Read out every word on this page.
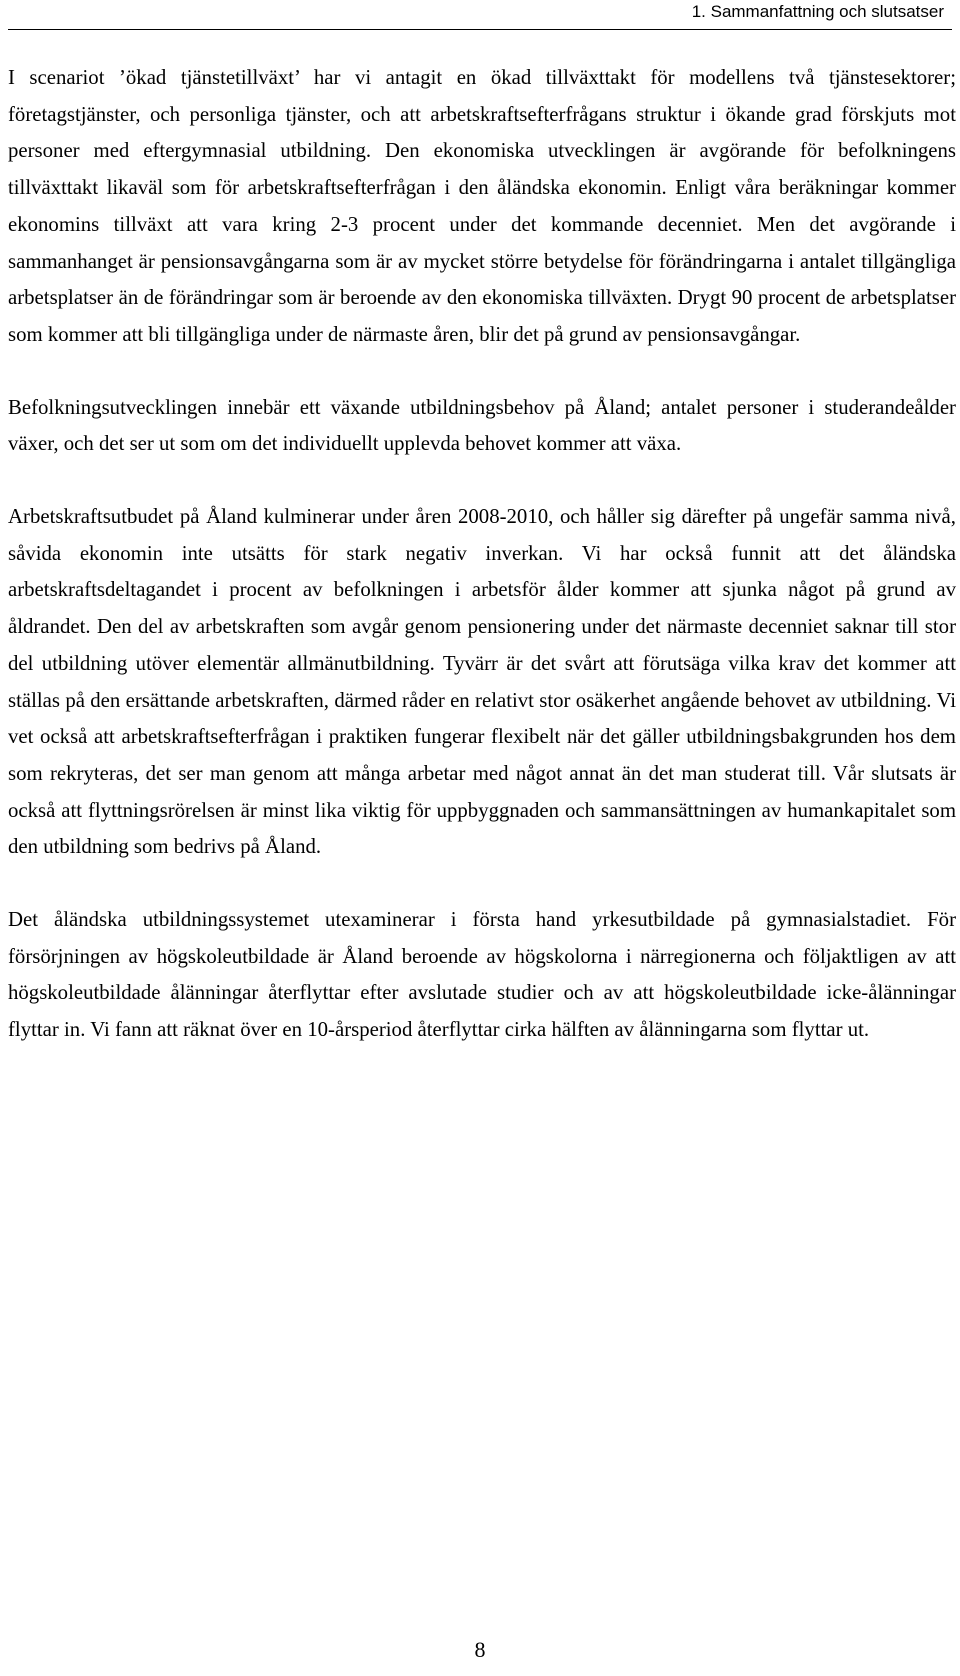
1. Sammanfattning och slutsatser

I scenariot ’ökad tjänstetillväxt’ har vi antagit en ökad tillväxttakt för modellens två tjänstesektorer; företagstjänster, och personliga tjänster, och att arbetskraftsefterfrågans struktur i ökande grad förskjuts mot personer med eftergymnasial utbildning. Den ekonomiska utvecklingen är avgörande för befolkningens tillväxttakt likaväl som för arbetskraftsefterfrågan i den åländska ekonomin. Enligt våra beräkningar kommer ekonomins tillväxt att vara kring 2-3 procent under det kommande decenniet. Men det avgörande i sammanhanget är pensionsavgångarna som är av mycket större betydelse för förändringarna i antalet tillgängliga arbetsplatser än de förändringar som är beroende av den ekonomiska tillväxten. Drygt 90 procent de arbetsplatser som kommer att bli tillgängliga under de närmaste åren, blir det på grund av pensionsavgångar.

Befolkningsutvecklingen innebär ett växande utbildningsbehov på Åland; antalet personer i studerandeålder växer, och det ser ut som om det individuellt upplevda behovet kommer att växa.

Arbetskraftsutbudet på Åland kulminerar under åren 2008-2010, och håller sig därefter på ungefär samma nivå, såvida ekonomin inte utsätts för stark negativ inverkan. Vi har också funnit att det åländska arbetskraftsdeltagandet i procent av befolkningen i arbetsför ålder kommer att sjunka något på grund av åldrandet. Den del av arbetskraften som avgår genom pensionering under det närmaste decenniet saknar till stor del utbildning utöver elementär allmänutbildning. Tyvärr är det svårt att förutsäga vilka krav det kommer att ställas på den ersättande arbetskraften, därmed råder en relativt stor osäkerhet angående behovet av utbildning. Vi vet också att arbetskraftsefterfrågan i praktiken fungerar flexibelt när det gäller utbildningsbakgrunden hos dem som rekryteras, det ser man genom att många arbetar med något annat än det man studerat till. Vår slutsats är också att flyttningsrörelsen är minst lika viktig för uppbyggnaden och sammansättningen av humankapitalet som den utbildning som bedrivs på Åland.

Det åländska utbildningssystemet utexaminerar i första hand yrkesutbildade på gymnasialstadiet. För försörjningen av högskoleutbildade är Åland beroende av högskolorna i närregionerna och följaktligen av att högskoleutbildade ålänningar återflyttar efter avslutade studier och av att högskoleutbildade icke-ålänningar flyttar in. Vi fann att räknat över en 10-årsperiod återflyttar cirka hälften av ålänningarna som flyttar ut.

8
